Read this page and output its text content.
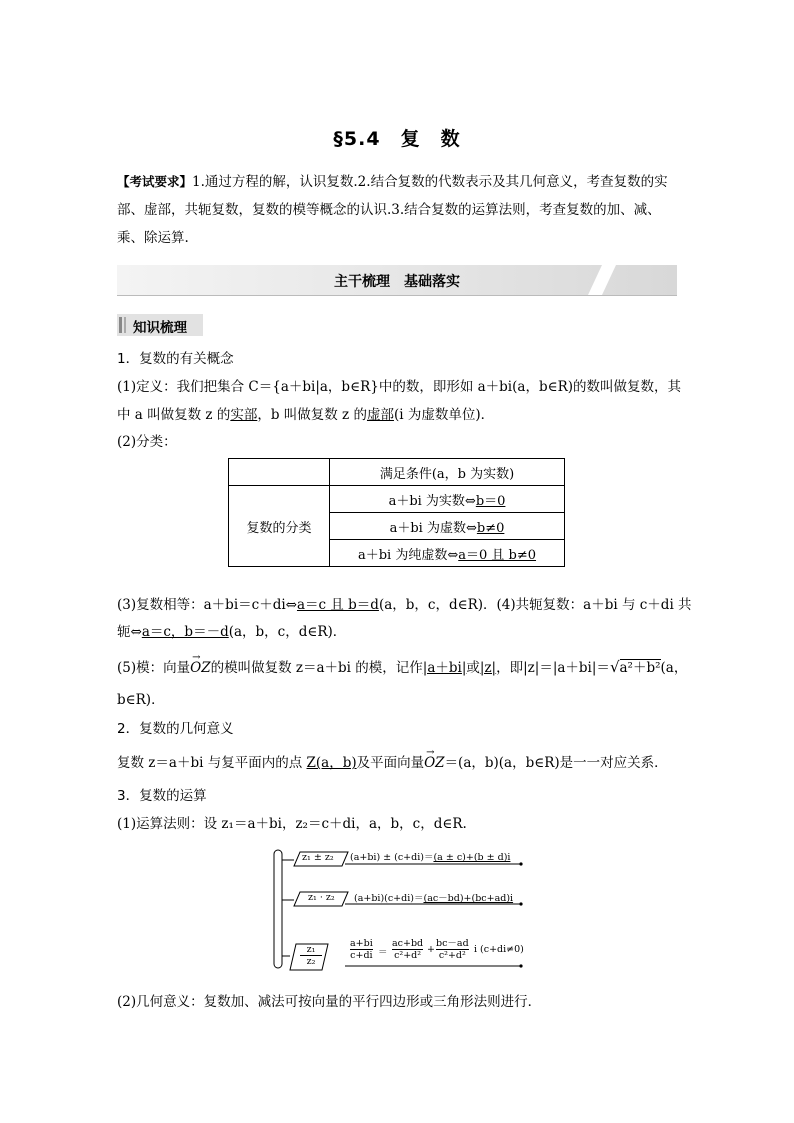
§5.4　复　数
【考试要求】1.通过方程的解，认识复数.2.结合复数的代数表示及其几何意义，考查复数的实
部、虚部，共轭复数，复数的模等概念的认识.3.结合复数的运算法则，考查复数的加、减、
乘、除运算.
主干梳理　基础落实
知识梳理
1．复数的有关概念
(1)定义：我们把集合 C＝{a＋bi|a，b∈R}中的数，即形如 a＋bi(a，b∈R)的数叫做复数，其
中 a 叫做复数 z 的实部，b 叫做复数 z 的虚部(i 为虚数单位)．
(2)分类：
	满足条件(a，b 为实数)
复数的分类	a＋bi 为实数⇔b＝0
	a＋bi 为虚数⇔b≠0
	a＋bi 为纯虚数⇔a＝0 且 b≠0
(3)复数相等：a＋bi＝c＋di⇔a＝c 且 b＝d(a，b，c，d∈R)．(4)共轭复数：a＋bi 与 c＋di 共
轭⇔a＝c，b＝－d(a，b，c，d∈R)．
(5)模：向量
→
OZ的模叫做复数 z＝a＋bi 的模，记作|a＋bi|或|z|，即|z|＝|a＋bi|＝√a²＋b²(a，
b∈R)．
2．复数的几何意义
复数 z＝a＋bi 与复平面内的点 Z(a，b)及平面向量
→
OZ＝(a，b)(a，b∈R)是一一对应关系．
3．复数的运算
(1)运算法则：设 z₁＝a＋bi，z₂＝c＋di，a，b，c，d∈R.
z₁ ± z₂ (a+bi) ± (c+di)＝(a ± c)+(b ± d)i
z₁ · z₂ (a+bi)(c+di)＝(ac－bd)+(bc+ad)i
z₁
z₂
a+bi
c+di ＝
ac+bd
c²+d²
+
bc－ad
c²+d²
i (c+di≠0)
(2)几何意义：复数加、减法可按向量的平行四边形或三角形法则进行．
